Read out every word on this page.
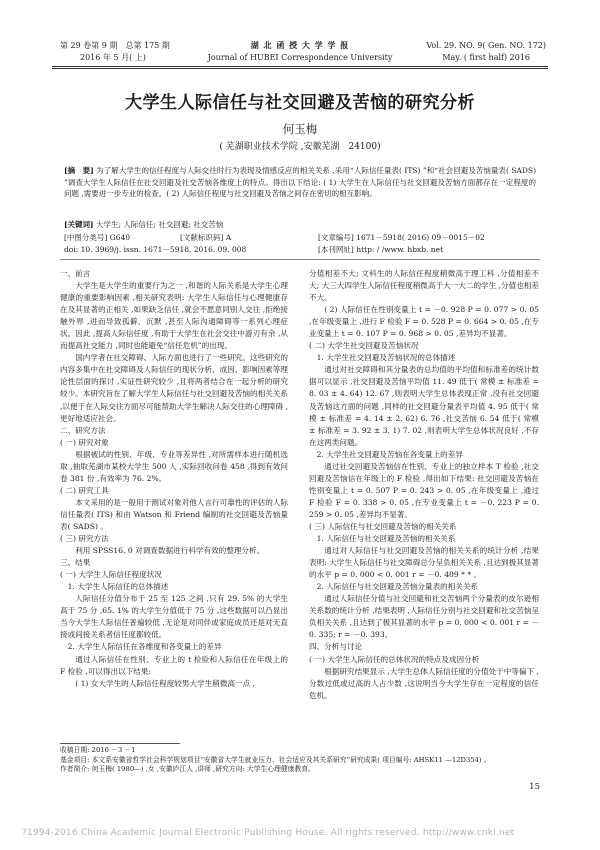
第 29 卷第 9 期　总第 175 期
2016 年 5 月( 上)
湖 北 函 授 大 学 学 报
Journal of HUBEI Correspondence University
Vol. 29. NO. 9( Gen. NO. 172)
May. ( first half) 2016
大学生人际信任与社交回避及苦恼的研究分析
何玉梅
( 芜湖职业技术学院 ,安徽芜湖　24100)
[摘　要] 为了解大学生的信任程度与人际交往时行为表现及情感反应的相关关系 ,采用“人际信任量表( ITS) ”和“社会回避及苦恼量表( SADS) ”调查大学生人际信任在社交回避及社交苦恼各维度上的特点。得出以下结论: ( 1) 大学生在人际信任与社交回避及苦恼方面都存在一定程度的问题 ,需要进一步专业的检查。( 2) 人际信任程度与社交回避及苦恼之间存在密切的相互影响。
[关键词] 大学生; 人际信任; 社交回避; 社交苦恼
[中图分类号] G640	[文献标识码] A	[文章编号] 1671－5918( 2016) 09－0015－02
doi: 10. 3969/j. issn. 1671－5918. 2016. 09. 008	[本刊网址] http: / /www. hbxb. net

一、前言

大学生是大学生的重要行为之一 ,和谐的人际关系是大学生心理健康的重要影响因素 ,相关研究表明: 大学生人际信任与心理健康存在及其显著的正相关 ,如果缺乏信任 ,就会不愿意同别人交往 ,拒绝接触外界 ,进而导致孤僻、沉默 ,甚至人际沟通障碍等一系列心理症状。因此 ,提高人际信任度 ,有助于大学生在社会交往中游刃有余 ,从而提高社交能力 ,同时也能避免“信任危机”的出现。

国内学者在社交障碍、人际方面也进行了一些研究。这些研究的内容多集中在社交障碍及人际信任的现状分析、成因、影响因素等理论性层面的探讨 ,实证性研究较少 ,且将两者结合在一起分析的研究较少。本研究旨在了解大学生人际信任与社交回避及苦恼的相关关系 ,以便于在人际交往方面尽可能帮助大学生解决人际交往的心理障碍 ,更好地适应社会。

二、研究方法

( 一) 研究对象

根据被试的性别、年级、专业等差异性 ,对所需样本进行随机选取 ,抽取芜湖市某校大学生 500 人 ,实际回收问卷 458 ,得到有效问卷 381 份 ,有效率为 76. 2%。

( 二) 研究工具

本文采用的是一般用于测试对象对他人言行可靠性的评估的人际信任量表( ITS) 和由 Watson 和 Friend 编制的社交回避及苦恼量表( SADS) 。

( 三) 研究方法

利用 SPSS16. 0 对调查数据进行科学有效的整理分析。

三、结果

( 一) 大学生人际信任程度状况

1. 大学生人际信任的总体描述

人际信任分值分布于 25 至 125 之间 ,只有 29. 5% 的大学生高于 75 分 ,65. 1% 的大学生分值低于 75 分 ,这些数据可以凸显出当今大学生人际信任普遍较低 ,无论是对同伴或家庭成员还是对无直接或间接关系者信任度都较低。

2. 大学生人际信任在各维度和各变量上的差异

通过人际信任在性别、专业上的 t 检验和人际信任在年级上的 F 检验 ,可以得出以下结果:

( 1) 女大学生的人际信任程度较男大学生稍微高一点 ,

分值相差不大; 文科生的人际信任程度稍微高于理工科 ,分值相差不大; 大三大四学生人际信任程度稍微高于大一大二的学生 ,分值也相差不大。

( 2) 人际信任在性别变量上 t = －0. 928 P = 0. 077 > 0. 05 ,在年级变量上 ,进行 F 检验 F = 0. 528 P = 0. 664 > 0. 05 ,在专业变量上 t = 0. 107 P = 0. 968 > 0. 05 ,差异均不显著。

( 二) 大学生社交回避及苦恼状况

1. 大学生社交回避及苦恼状况的总体描述

通过对社交障碍和其分量表的总均值的平均值和标准差的统计数据可以显示 ,社交回避及苦恼平均值 11. 49 低于( 常模 ± 标准差 = 8. 03 ± 4. 64) 12. 67 ,则表明大学生总体表现正常 ,没有社交回避及苦恼这方面的问题 ,同样的社交回避分量表平均值 4. 95 低于( 常模 ± 标准差 = 4. 14 ± 2. 62) 6. 76 ,社交苦恼 6. 54 低于( 常模 ± 标准差 = 3. 92 ± 3. 1) 7. 02 ,则表明大学生总体状况良好 ,不存在这两类问题。

2. 大学生社交回避及苦恼在各变量上的差异

通过社交回避及苦恼信在性别、专业上的独立样本 T 检验 ,社交回避及苦恼信在年级上的 F 检验 ,得出如下结果: 社交回避及苦恼在性别变量上 t = 0. 507 P = 0. 243 > 0. 05 ,在年级变量上 ,通过 F 检验 F = 0. 338 > 0. 05 ,在专业变量上 t = －0. 223 P = 0. 259 > 0. 05 ,差异均不显著。

( 三) 人际信任与社交回避及苦恼的相关关系

1. 人际信任与社交回避及苦恼的相关关系

通过对人际信任与社交回避及苦恼的相关关系的统计分析 ,结果表明: 大学生人际信任与社交障碍总分呈负相关关系 ,且达到极其显著的水平 p = 0. 000 < 0. 001 r = －0. 409 * * 。

2. 人际信任与社交回避及苦恼分量表的相关关系

通过人际信任分值与社交回避和社交苦恼两个分量表的皮尔逊相关系数的统计分析 ,结果表明 ,人际信任分别与社交回避和社交苦恼呈负相关关系 ,且达到了极其显著的水平 p = 0. 000 < 0. 001 r = －0. 335; r = －0. 393。

四、分析与讨论

( 一) 大学生人际信任的总体状况的特点及成因分析

根据研究结果显示 ,大学生总体人际信任度的分值处于中等偏下 ,分数过低或过高的人占少数 ,这说明当今大学生存在一定程度的信任危机。

收稿日期: 2016 －3 －1
基金项目: 本文系安徽省哲学社会科学规划项目“安徽省大学生就业压力、社会适应及其关系研究”研究成果( 项目编号: AHSK11 —12D354) 。
作者简介: 何玉梅( 1980—) ,女 ,安徽庐江人 ,讲师 ,研究方向: 大学生心理健康教育。
15
?1994-2016 China Academic Journal Electronic Publishing House. All rights reserved. http://www.cnki.net
